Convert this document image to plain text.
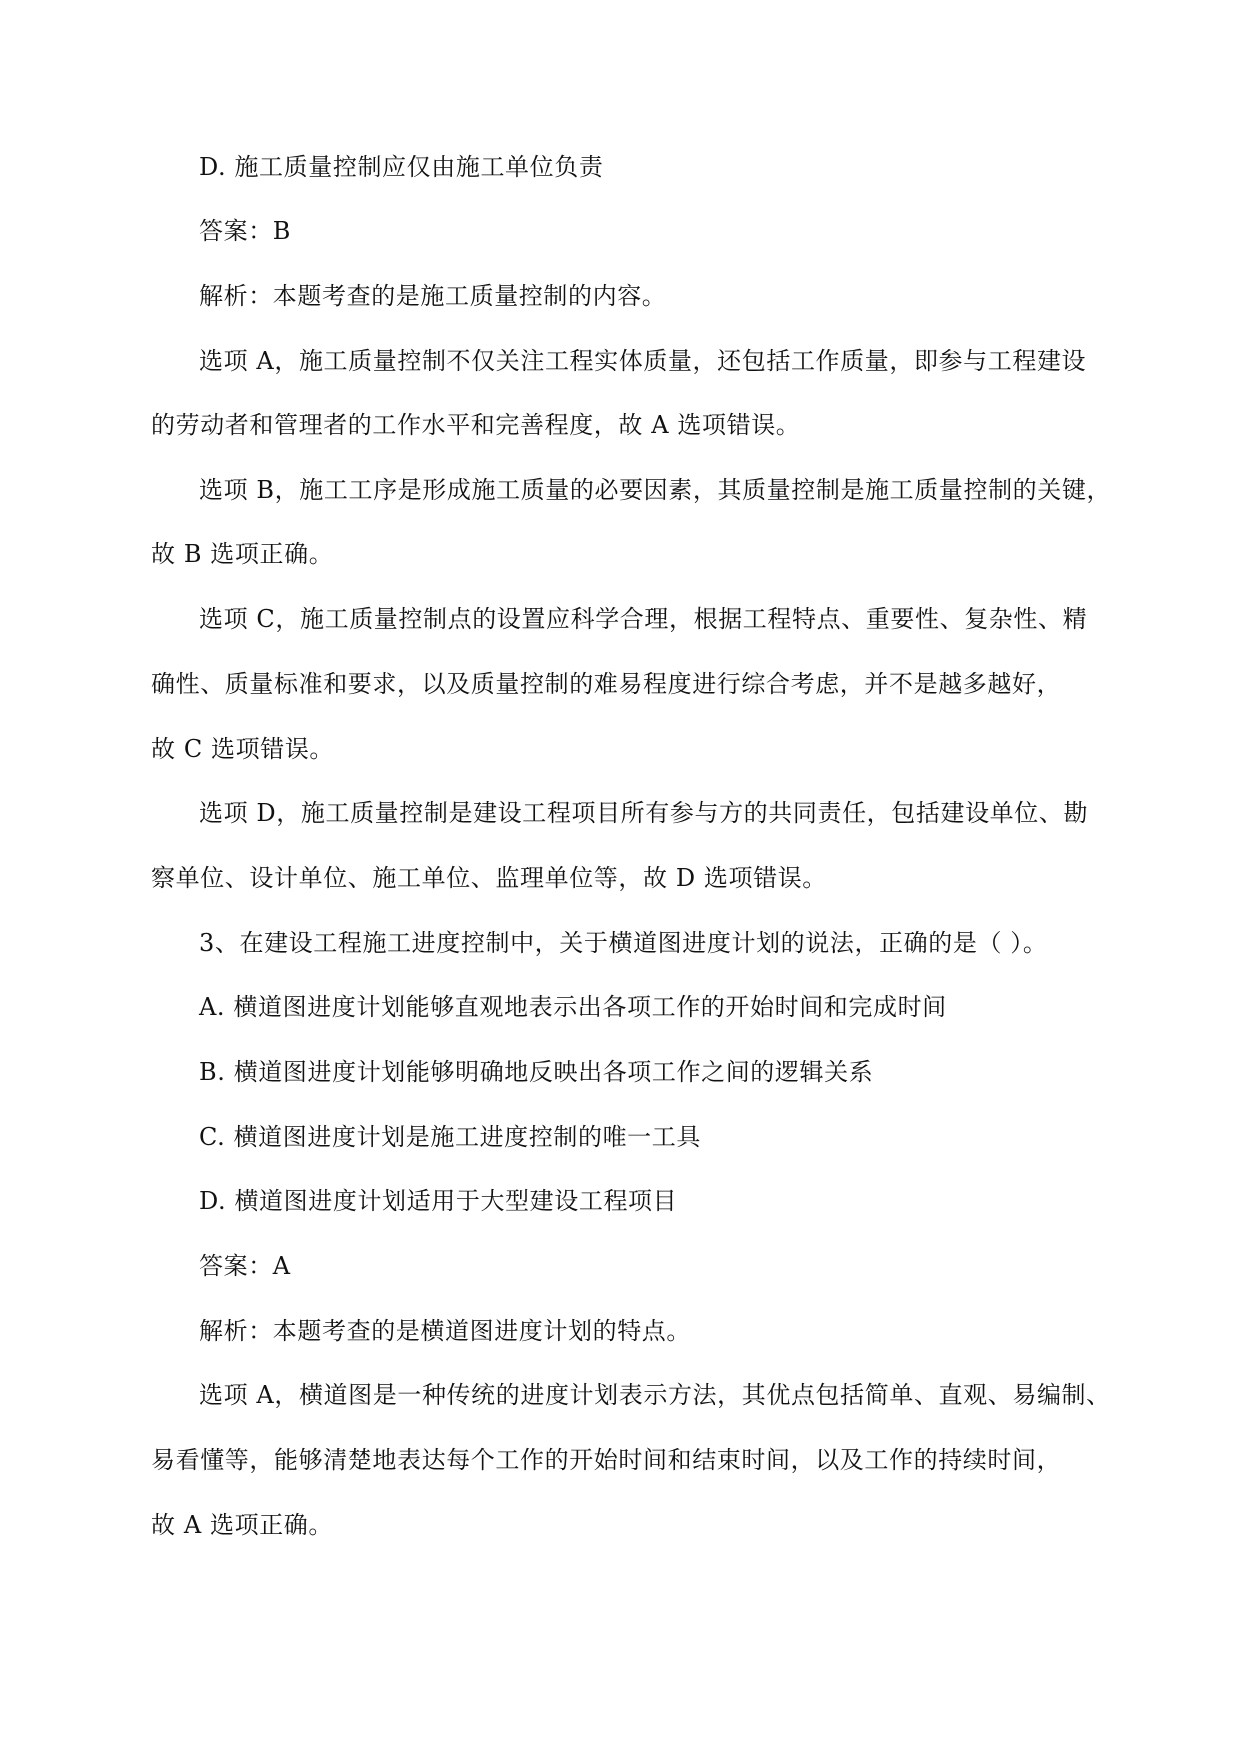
D. 施工质量控制应仅由施工单位负责
答案：B
解析：本题考查的是施工质量控制的内容。
选项 A，施工质量控制不仅关注工程实体质量，还包括工作质量，即参与工程建设
的劳动者和管理者的工作水平和完善程度，故 A 选项错误。
选项 B，施工工序是形成施工质量的必要因素，其质量控制是施工质量控制的关键，
故 B 选项正确。
选项 C，施工质量控制点的设置应科学合理，根据工程特点、重要性、复杂性、精
确性、质量标准和要求，以及质量控制的难易程度进行综合考虑，并不是越多越好，
故 C 选项错误。
选项 D，施工质量控制是建设工程项目所有参与方的共同责任，包括建设单位、勘
察单位、设计单位、施工单位、监理单位等，故 D 选项错误。
3、在建设工程施工进度控制中，关于横道图进度计划的说法，正确的是（ ）。
A. 横道图进度计划能够直观地表示出各项工作的开始时间和完成时间
B. 横道图进度计划能够明确地反映出各项工作之间的逻辑关系
C. 横道图进度计划是施工进度控制的唯一工具
D. 横道图进度计划适用于大型建设工程项目
答案：A
解析：本题考查的是横道图进度计划的特点。
选项 A，横道图是一种传统的进度计划表示方法，其优点包括简单、直观、易编制、
易看懂等，能够清楚地表达每个工作的开始时间和结束时间，以及工作的持续时间，
故 A 选项正确。
